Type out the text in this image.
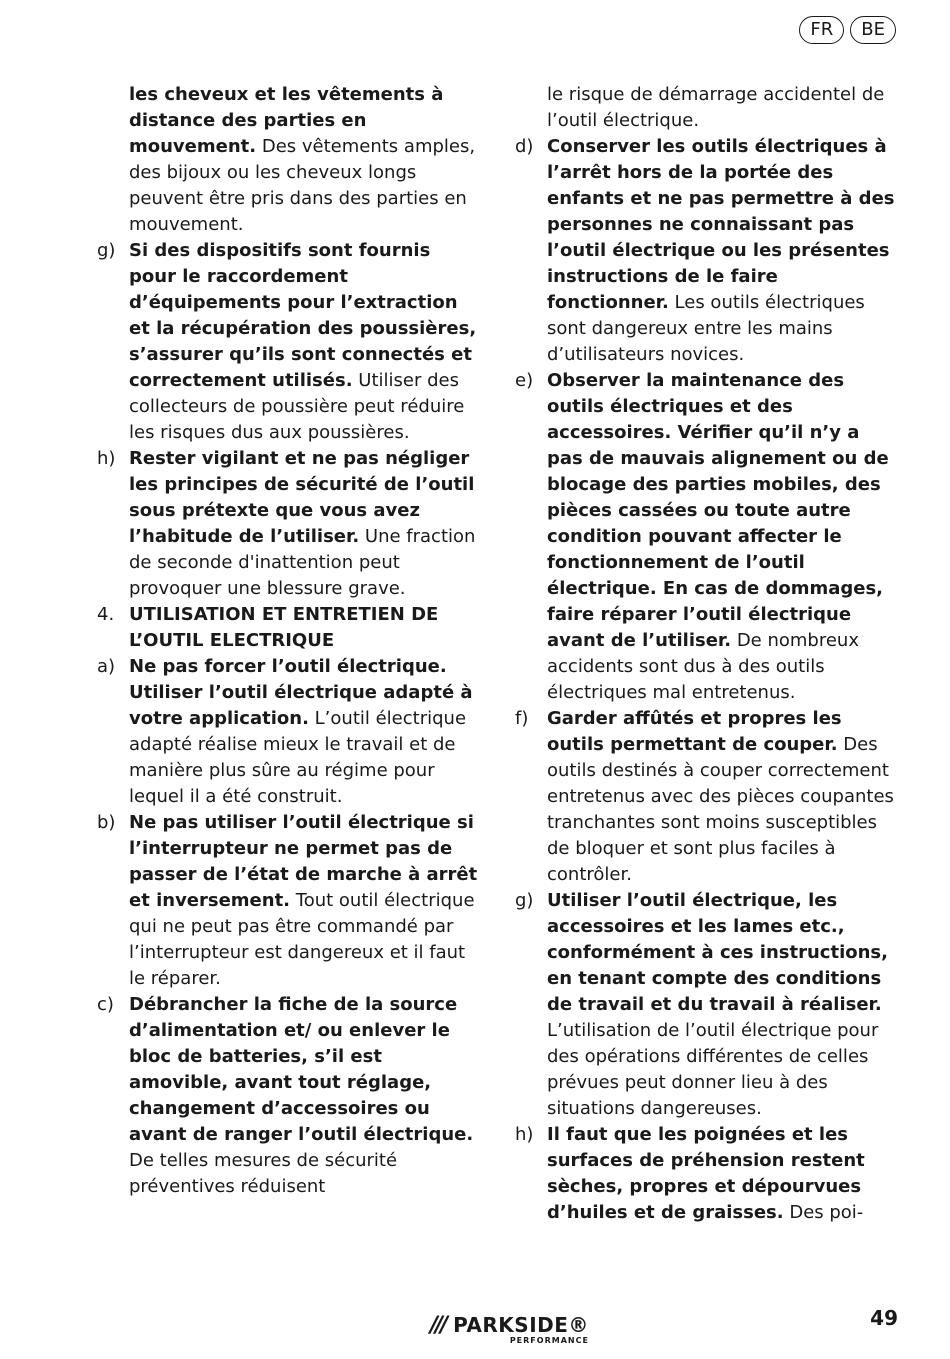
FR	BE
les cheveux et les vêtements à distance des parties en mouvement. Des vêtements amples, des bijoux ou les cheveux longs peuvent être pris dans des parties en mouvement.
g) Si des dispositifs sont fournis pour le raccordement d’équipements pour l’extraction et la récupération des poussières, s’assurer qu’ils sont connectés et correctement utilisés. Utiliser des collecteurs de poussière peut réduire les risques dus aux poussières.
h) Rester vigilant et ne pas négliger les principes de sécurité de l’outil sous prétexte que vous avez l’habitude de l’utiliser. Une fraction de seconde d'inattention peut provoquer une blessure grave.
4. UTILISATION ET ENTRETIEN DE L’OUTIL ELECTRIQUE
a) Ne pas forcer l’outil électrique. Utiliser l’outil électrique adapté à votre application. L’outil électrique adapté réalise mieux le travail et de manière plus sûre au régime pour lequel il a été construit.
b) Ne pas utiliser l’outil électrique si l’interrupteur ne permet pas de passer de l’état de marche à arrêt et inversement. Tout outil électrique qui ne peut pas être commandé par l’interrupteur est dangereux et il faut le réparer.
c) Débrancher la fiche de la source d’alimentation et/ ou enlever le bloc de batteries, s’il est amovible, avant tout réglage, changement d’accessoires ou avant de ranger l’outil électrique. De telles mesures de sécurité préventives réduisent
le risque de démarrage accidentel de l’outil électrique.
d) Conserver les outils électriques à l’arrêt hors de la portée des enfants et ne pas permettre à des personnes ne connaissant pas l’outil électrique ou les présentes instructions de le faire fonctionner. Les outils électriques sont dangereux entre les mains d’utilisateurs novices.
e) Observer la maintenance des outils électriques et des accessoires. Vérifier qu’il n’y a pas de mauvais alignement ou de blocage des parties mobiles, des pièces cassées ou toute autre condition pouvant affecter le fonctionnement de l’outil électrique. En cas de dommages, faire réparer l’outil électrique avant de l’utiliser. De nombreux accidents sont dus à des outils électriques mal entretenus.
f)	Garder affûtés et propres les outils permettant de couper. Des outils destinés à couper correctement entretenus avec des pièces coupantes tranchantes sont moins susceptibles de bloquer et sont plus faciles à contrôler.
g) Utiliser l’outil électrique, les accessoires et les lames etc., conformément à ces instructions, en tenant compte des conditions de travail et du travail à réaliser. L’utilisation de l’outil électrique pour des opérations différentes de celles prévues peut donner lieu à des situations dangereuses.
h) Il faut que les poignées et les surfaces de préhension restent sèches, propres et dépourvues d’huiles et de graisses. Des poi-
/// PARKSIDE®
PERFORMANCE
49
